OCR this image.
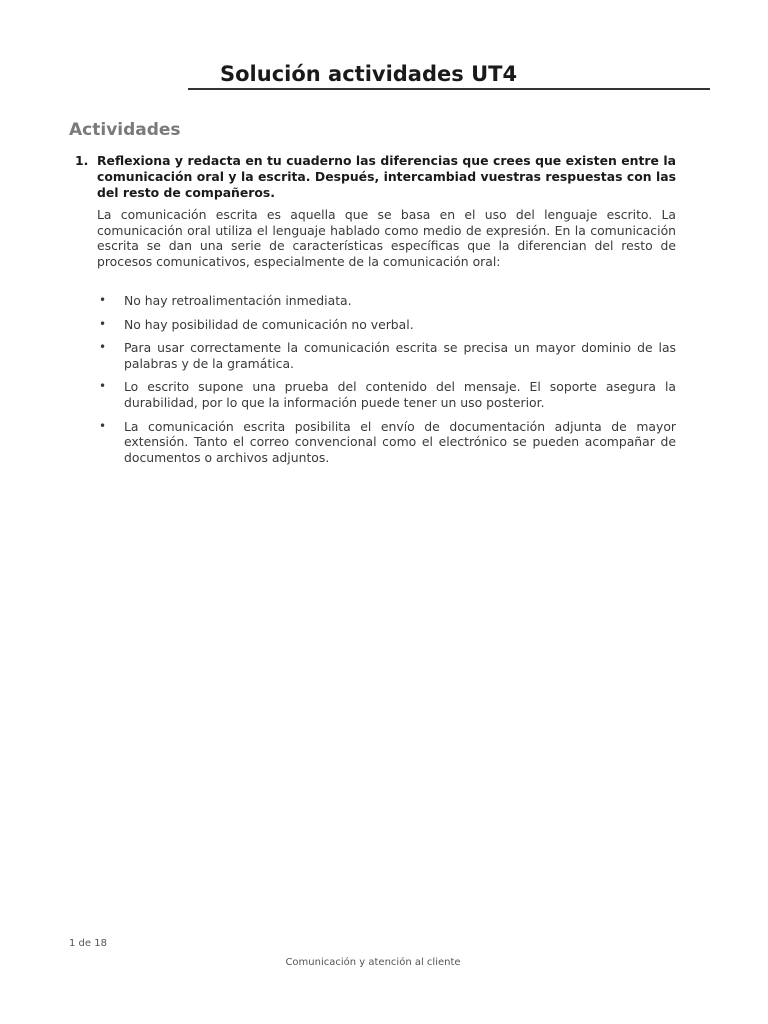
Solución actividades UT4
Actividades
1. Reflexiona y redacta en tu cuaderno las diferencias que crees que existen entre la comunicación oral y la escrita. Después, intercambiad vuestras respuestas con las del resto de compañeros.
La comunicación escrita es aquella que se basa en el uso del lenguaje escrito. La comunicación oral utiliza el lenguaje hablado como medio de expresión. En la comunicación escrita se dan una serie de características específicas que la diferencian del resto de procesos comunicativos, especialmente de la comunicación oral:
• No hay retroalimentación inmediata.
• No hay posibilidad de comunicación no verbal.
• Para usar correctamente la comunicación escrita se precisa un mayor dominio de las palabras y de la gramática.
• Lo escrito supone una prueba del contenido del mensaje. El soporte asegura la durabilidad, por lo que la información puede tener un uso posterior.
• La comunicación escrita posibilita el envío de documentación adjunta de mayor extensión. Tanto el correo convencional como el electrónico se pueden acompañar de documentos o archivos adjuntos.
1 de 18
Comunicación y atención al cliente
